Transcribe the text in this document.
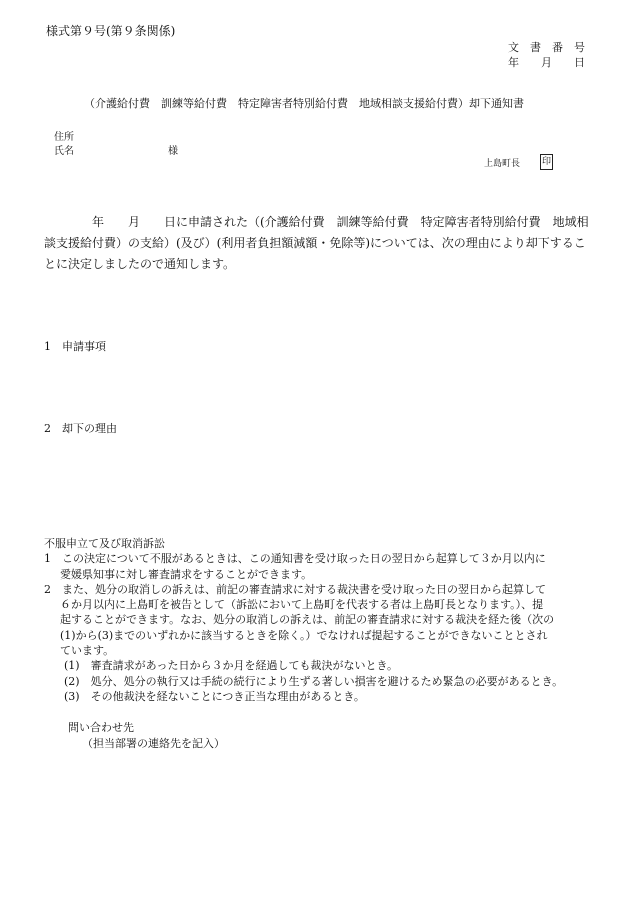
様式第９号(第９条関係)
文　書　番　号
年　　月　　日
（介護給付費　訓練等給付費　特定障害者特別給付費　地域相談支援給付費）却下通知書
住所
氏名	様
上島町長 印
　　　　年　　月　　日に申請された（(介護給付費　訓練等給付費　特定障害者特別給付費　地域相
談支援給付費）の支給）(及び）(利用者負担額減額・免除等)については、次の理由により却下するこ
とに決定しましたので通知します。
1　申請事項
2　却下の理由
不服申立て及び取消訴訟
1　この決定について不服があるときは、この通知書を受け取った日の翌日から起算して３か月以内に
愛媛県知事に対し審査請求をすることができます。
2　また、処分の取消しの訴えは、前記の審査請求に対する裁決書を受け取った日の翌日から起算して
６か月以内に上島町を被告として（訴訟において上島町を代表する者は上島町長となります。）、提
起することができます。なお、処分の取消しの訴えは、前記の審査請求に対する裁決を経た後（次の
(1)から(3)までのいずれかに該当するときを除く。）でなければ提起することができないこととされ
ています。
(1)　審査請求があった日から３か月を経過しても裁決がないとき。
(2)　処分、処分の執行又は手続の続行により生ずる著しい損害を避けるため緊急の必要があるとき。
(3)　その他裁決を経ないことにつき正当な理由があるとき。
問い合わせ先
（担当部署の連絡先を記入）
